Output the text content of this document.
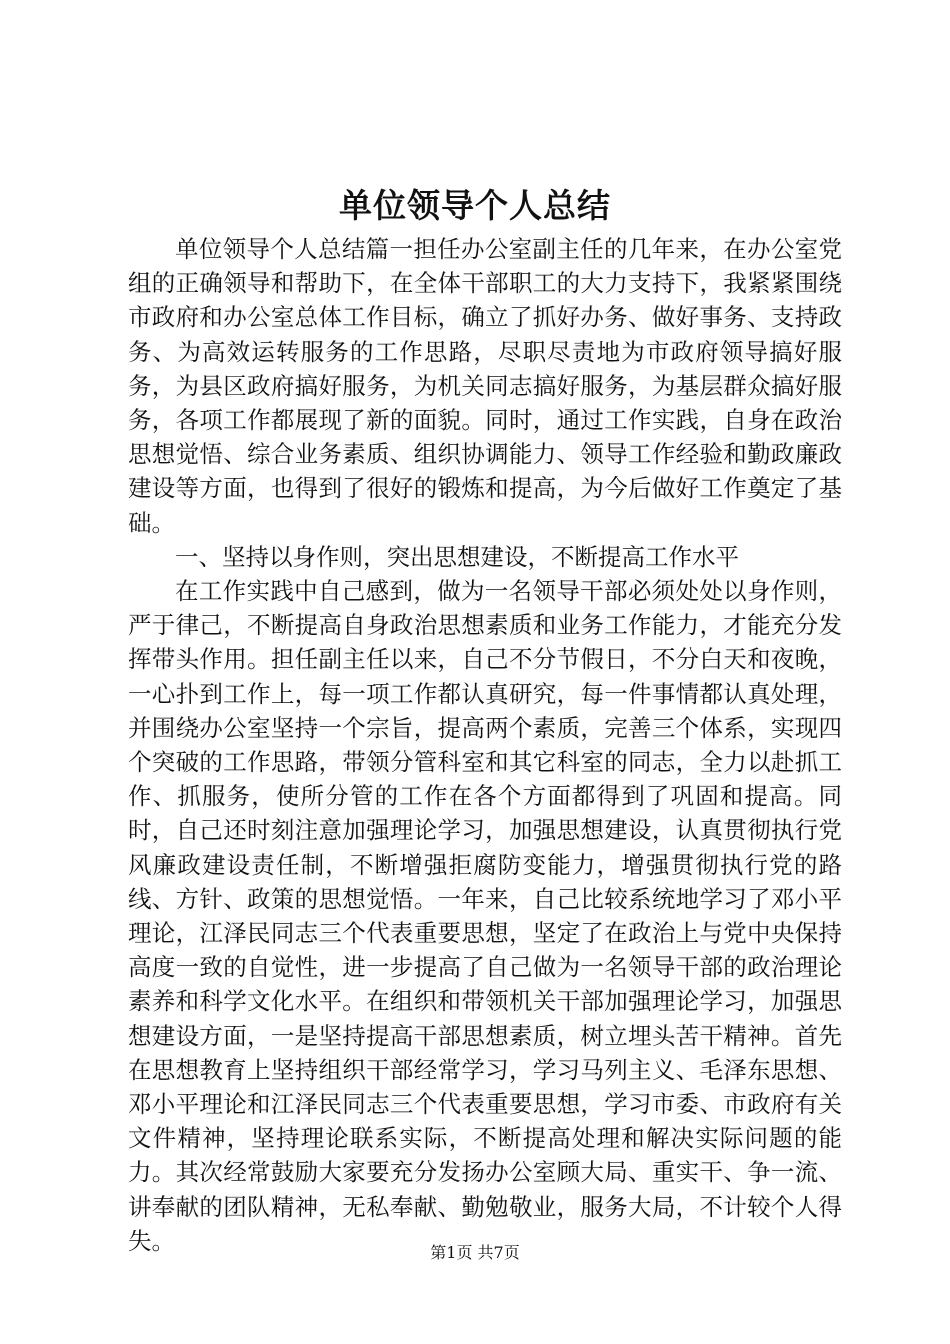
单位领导个人总结

单位领导个人总结篇一担任办公室副主任的几年来，在办公室党组的正确领导和帮助下，在全体干部职工的大力支持下，我紧紧围绕市政府和办公室总体工作目标，确立了抓好办务、做好事务、支持政务、为高效运转服务的工作思路，尽职尽责地为市政府领导搞好服务，为县区政府搞好服务，为机关同志搞好服务，为基层群众搞好服务，各项工作都展现了新的面貌。同时，通过工作实践，自身在政治思想觉悟、综合业务素质、组织协调能力、领导工作经验和勤政廉政建设等方面，也得到了很好的锻炼和提高，为今后做好工作奠定了基础。

一、坚持以身作则，突出思想建设，不断提高工作水平

在工作实践中自己感到，做为一名领导干部必须处处以身作则，严于律己，不断提高自身政治思想素质和业务工作能力，才能充分发挥带头作用。担任副主任以来，自己不分节假日，不分白天和夜晚，一心扑到工作上，每一项工作都认真研究，每一件事情都认真处理，并围绕办公室坚持一个宗旨，提高两个素质，完善三个体系，实现四个突破的工作思路，带领分管科室和其它科室的同志，全力以赴抓工作、抓服务，使所分管的工作在各个方面都得到了巩固和提高。同时，自己还时刻注意加强理论学习，加强思想建设，认真贯彻执行党风廉政建设责任制，不断增强拒腐防变能力，增强贯彻执行党的路线、方针、政策的思想觉悟。一年来，自己比较系统地学习了邓小平理论，江泽民同志三个代表重要思想，坚定了在政治上与党中央保持高度一致的自觉性，进一步提高了自己做为一名领导干部的政治理论素养和科学文化水平。在组织和带领机关干部加强理论学习，加强思想建设方面，一是坚持提高干部思想素质，树立埋头苦干精神。首先在思想教育上坚持组织干部经常学习，学习马列主义、毛泽东思想、邓小平理论和江泽民同志三个代表重要思想，学习市委、市政府有关文件精神，坚持理论联系实际，不断提高处理和解决实际问题的能力。其次经常鼓励大家要充分发扬办公室顾大局、重实干、争一流、讲奉献的团队精神，无私奉献、勤勉敬业，服务大局，不计较个人得失。	第1页 共7页
